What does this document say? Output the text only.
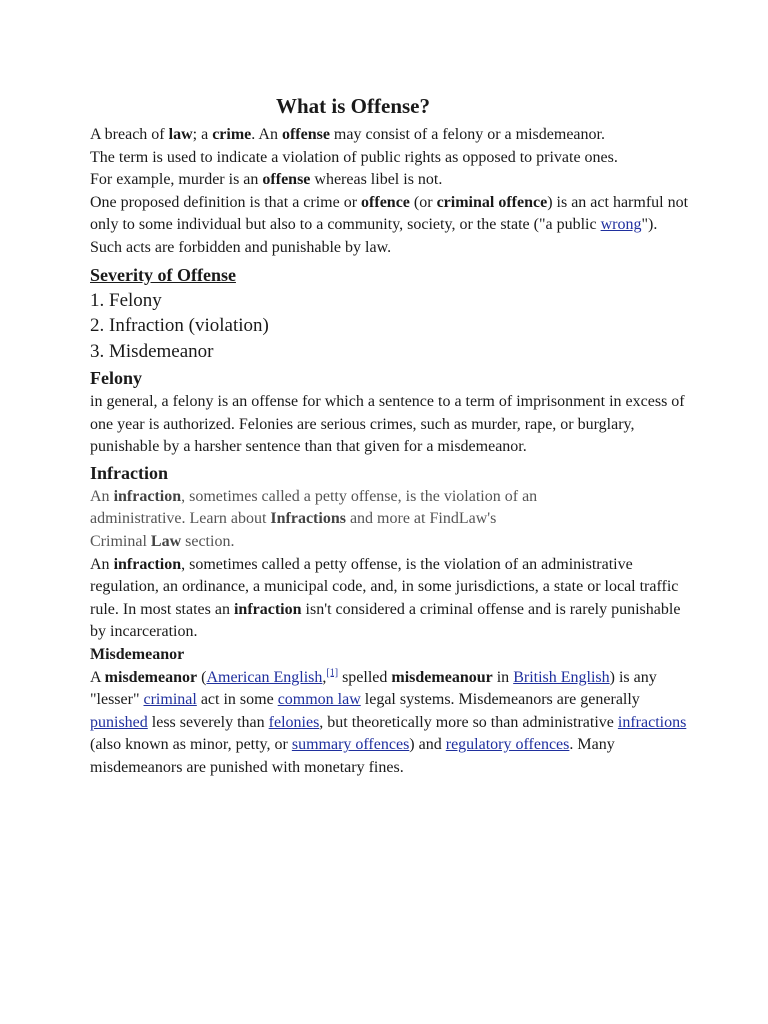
What is Offense?

A breach of law; a crime. An offense may consist of a felony or a misdemeanor.
The term is used to indicate a violation of public rights as opposed to private ones.
For example, murder is an offense whereas libel is not.

One proposed definition is that a crime or offence (or criminal offence) is an act harmful not only to some individual but also to a community, society, or the state ("a public wrong"). Such acts are forbidden and punishable by law.

Severity of Offense

1. Felony

2. Infraction (violation)

3. Misdemeanor

Felony

in general, a felony is an offense for which a sentence to a term of imprisonment in excess of one year is authorized. Felonies are serious crimes, such as murder, rape, or burglary, punishable by a harsher sentence than that given for a misdemeanor.

Infraction

An infraction, sometimes called a petty offense, is the violation of an administrative. Learn about Infractions and more at FindLaw's
Criminal Law section.

An infraction, sometimes called a petty offense, is the violation of an administrative regulation, an ordinance, a municipal code, and, in some jurisdictions, a state or local traffic rule. In most states an infraction isn't considered a criminal offense and is rarely punishable by incarceration.

Misdemeanor

A misdemeanor (American English,[1] spelled misdemeanour in British English) is any "lesser" criminal act in some common law legal systems. Misdemeanors are generally punished less severely than felonies, but theoretically more so than administrative infractions (also known as minor, petty, or summary offences) and regulatory offences. Many misdemeanors are punished with monetary fines.
